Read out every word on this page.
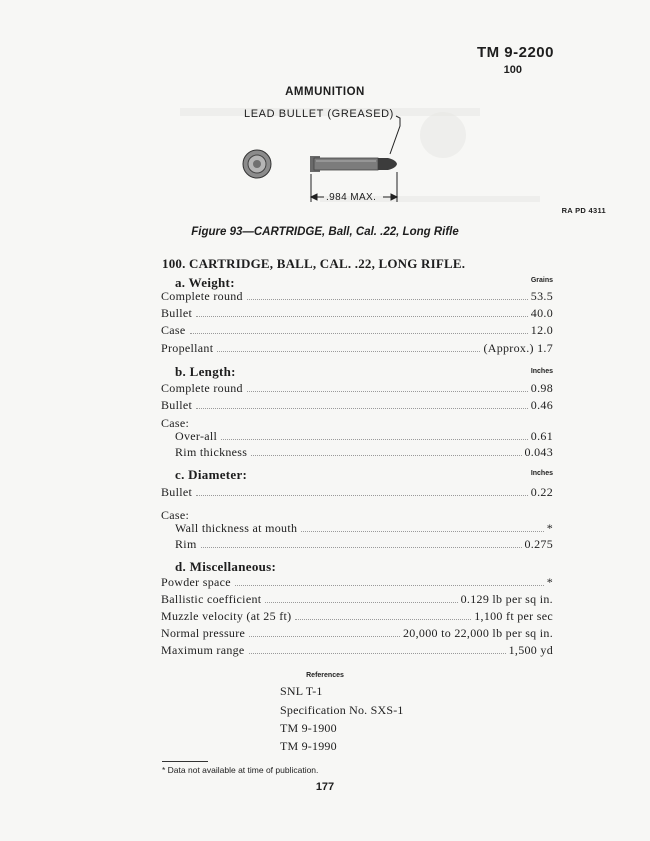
TM 9-2200
100
AMMUNITION
LEAD BULLET (GREASED)
.984 MAX.
RA PD 4311
Figure 93—CARTRIDGE, Ball, Cal. .22, Long Rifle
100. CARTRIDGE, BALL, CAL. .22, LONG RIFLE.
a. Weight:	Grains
Complete round	53.5
Bullet	40.0
Case	12.0
Propellant	(Approx.) 1.7
b. Length:	Inches
Complete round	0.98
Bullet	0.46
Case:
Over-all	0.61
Rim thickness	0.043
c. Diameter:	Inches
Bullet	0.22
Case:
Wall thickness at mouth	*
Rim	0.275
d. Miscellaneous:
Powder space	*
Ballistic coefficient	0.129 lb per sq in.
Muzzle velocity (at 25 ft)	1,100 ft per sec
Normal pressure	20,000 to 22,000 lb per sq in.
Maximum range	1,500 yd
References
SNL T-1
Specification No. SXS-1
TM 9-1900
TM 9-1990
* Data not available at time of publication.
177
